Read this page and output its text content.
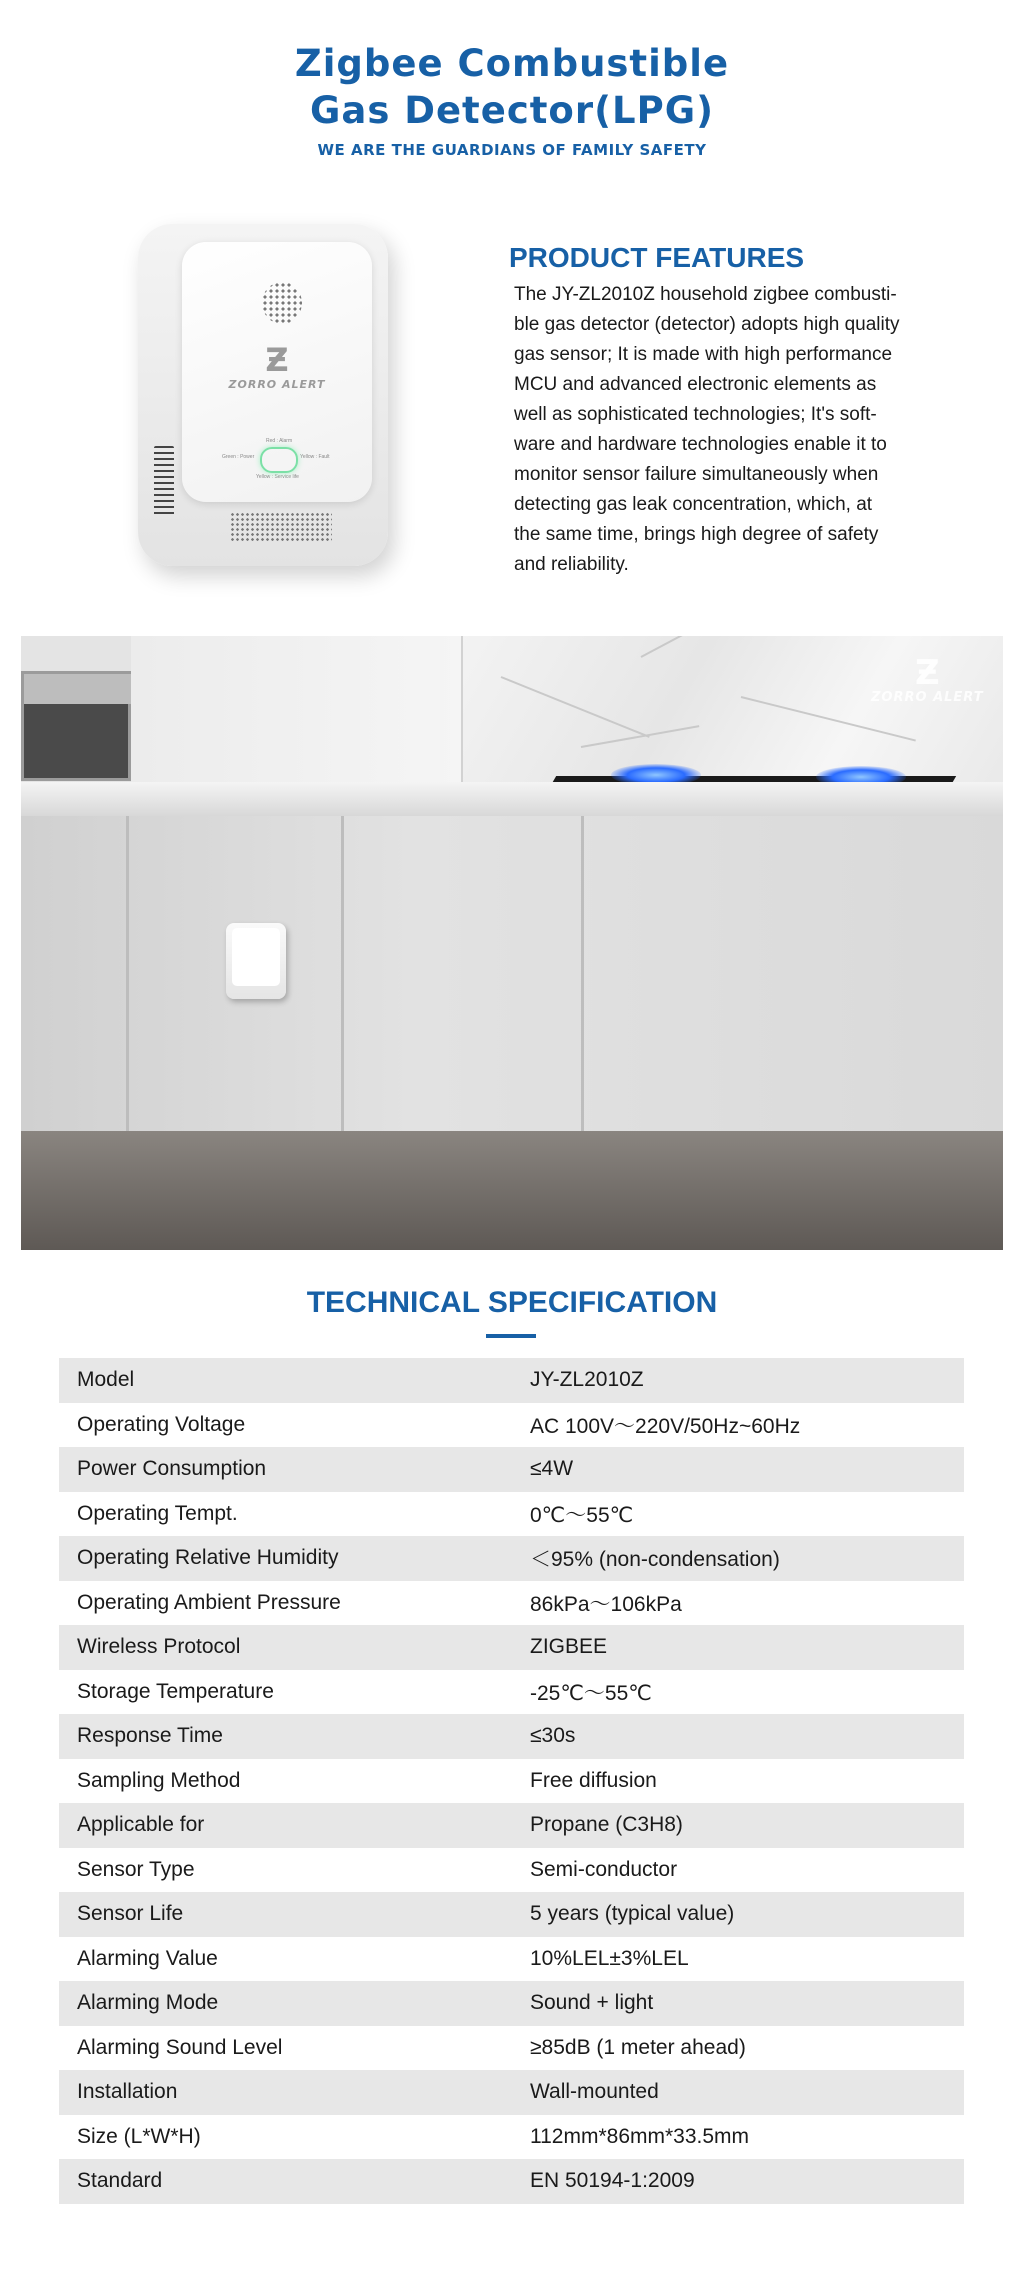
Zigbee Combustible
Gas Detector(LPG)
WE ARE THE GUARDIANS OF FAMILY SAFETY
Ƶ
ZORRO ALERT
Red : Alarm
Green : Power	Yellow : Fault
Yellow : Service life
PRODUCT FEATURES

The JY-ZL2010Z household zigbee combusti-
ble gas detector (detector) adopts high quality
gas sensor; It is made with high performance
MCU and advanced electronic elements as
well as sophisticated technologies; It's soft-
ware and hardware technologies enable it to
monitor sensor failure simultaneously when
detecting gas leak concentration, which, at
the same time, brings high degree of safety
and reliability.

Ƶ
ZORRO ALERT
TECHNICAL SPECIFICATION
Model	JY-ZL2010Z
Operating Voltage	AC 100V～220V/50Hz~60Hz
Power Consumption	≤4W
Operating Tempt.	0℃～55℃
Operating Relative Humidity	＜95% (non-condensation)
Operating Ambient Pressure	86kPa～106kPa
Wireless Protocol	ZIGBEE
Storage Temperature	-25℃～55℃
Response Time	≤30s
Sampling Method	Free diffusion
Applicable for	Propane (C3H8)
Sensor Type	Semi-conductor
Sensor Life	5 years (typical value)
Alarming Value	10%LEL±3%LEL
Alarming Mode	Sound + light
Alarming Sound Level	≥85dB (1 meter ahead)
Installation	Wall-mounted
Size (L*W*H)	112mm*86mm*33.5mm
Standard	EN 50194-1:2009
